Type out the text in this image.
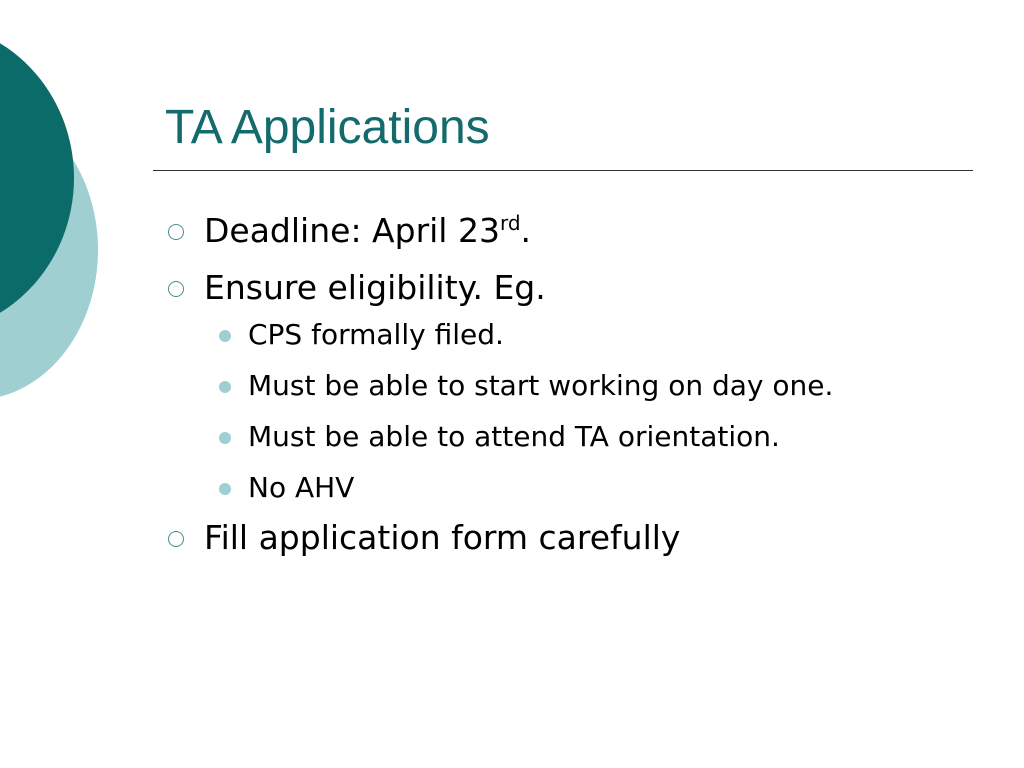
TA Applications
Deadline: April 23rd.
Ensure eligibility. Eg.
CPS formally filed.
Must be able to start working on day one.
Must be able to attend TA orientation.
No AHV
Fill application form carefully
